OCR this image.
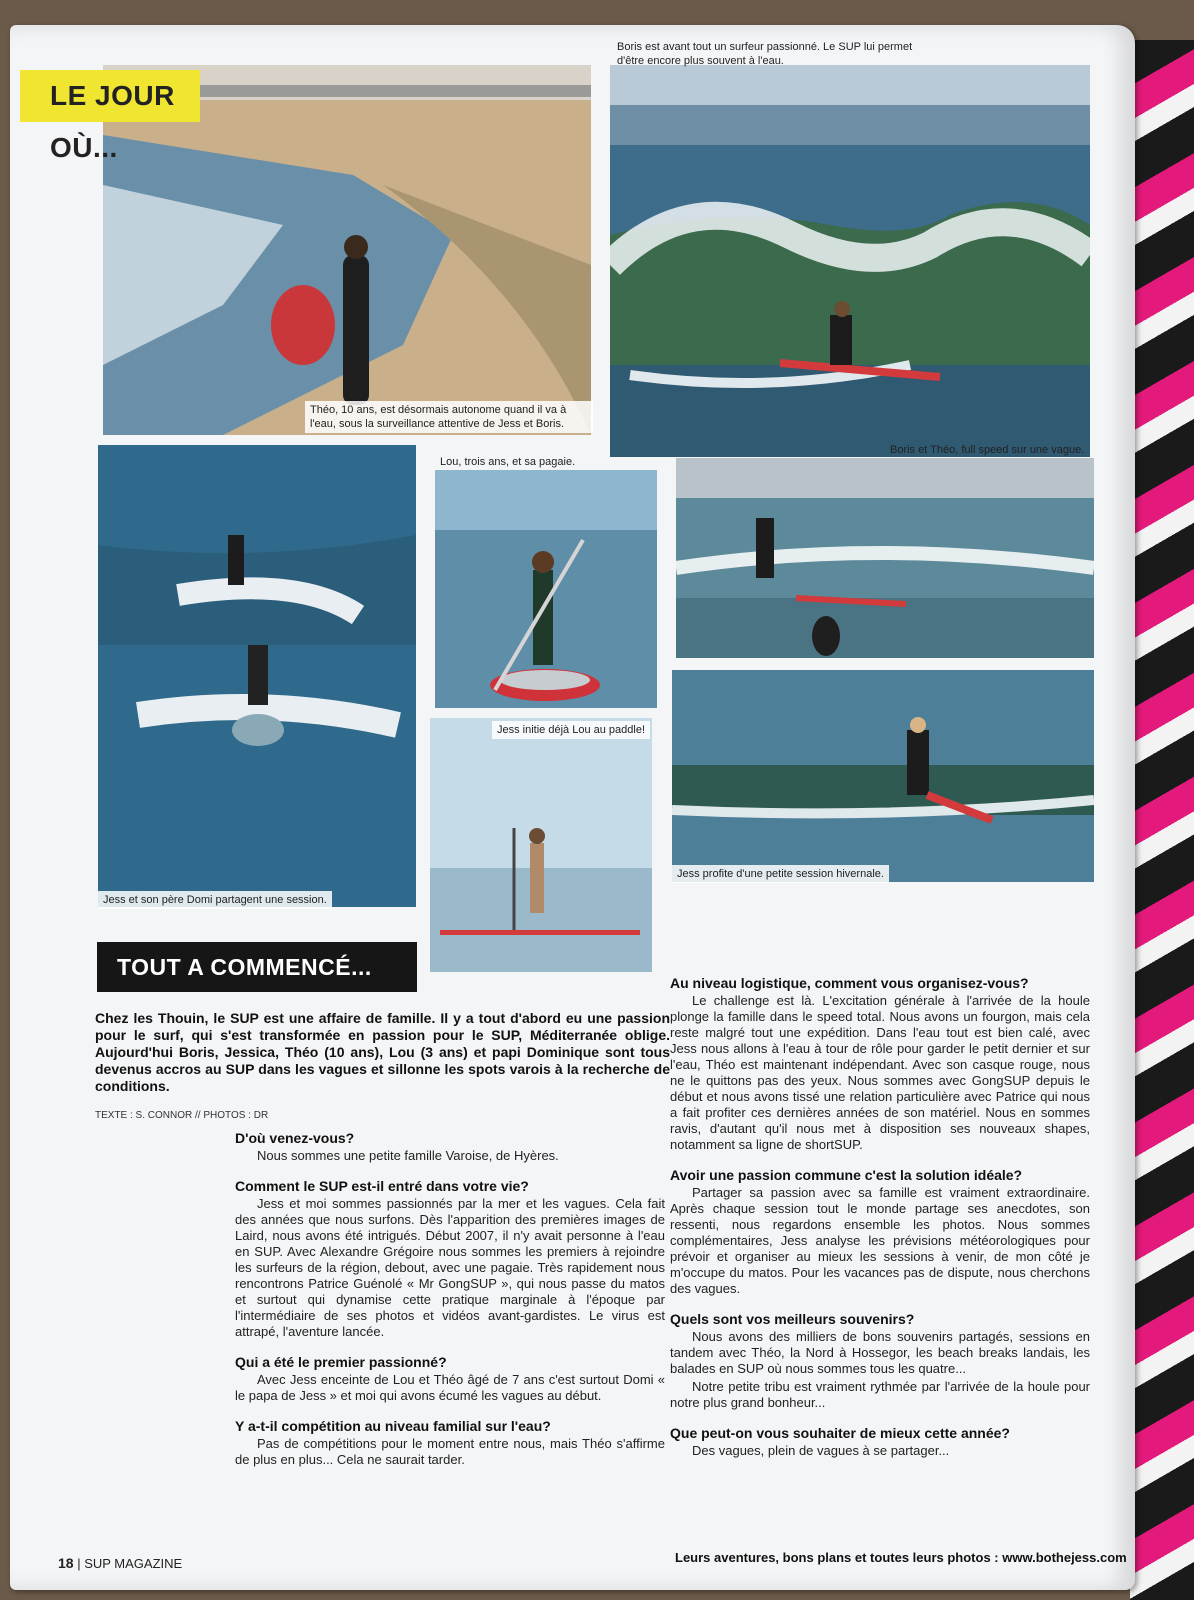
LE JOUR OÙ...
Théo, 10 ans, est désormais autonome quand il va à l'eau, sous la surveillance attentive de Jess et Boris.
Boris est avant tout un surfeur passionné. Le SUP lui permet d'être encore plus souvent à l'eau.
Jess et son père Domi partagent une session.
Lou, trois ans, et sa pagaie.
Jess initie déjà Lou au paddle!
Boris et Théo, full speed sur une vague.
Jess profite d'une petite session hivernale.
TOUT A COMMENCÉ...
Chez les Thouin, le SUP est une affaire de famille. Il y a tout d'abord eu une passion pour le surf, qui s'est transformée en passion pour le SUP, Méditerranée oblige. Aujourd'hui Boris, Jessica, Théo (10 ans), Lou (3 ans) et papi Dominique sont tous devenus accros au SUP dans les vagues et sillonne les spots varois à la recherche de conditions.
TEXTE : S. CONNOR // PHOTOS : DR
D'où venez-vous?

Nous sommes une petite famille Varoise, de Hyères.

Comment le SUP est-il entré dans votre vie?

Jess et moi sommes passionnés par la mer et les vagues. Cela fait des années que nous surfons. Dès l'apparition des premières images de Laird, nous avons été intrigués. Début 2007, il n'y avait personne à l'eau en SUP. Avec Alexandre Grégoire nous sommes les premiers à rejoindre les surfeurs de la région, debout, avec une pagaie. Très rapidement nous rencontrons Patrice Guénolé « Mr GongSUP », qui nous passe du matos et surtout qui dynamise cette pratique marginale à l'époque par l'intermédiaire de ses photos et vidéos avant-gardistes. Le virus est attrapé, l'aventure lancée.

Qui a été le premier passionné?

Avec Jess enceinte de Lou et Théo âgé de 7 ans c'est surtout Domi « le papa de Jess » et moi qui avons écumé les vagues au début.

Y a-t-il compétition au niveau familial sur l'eau?

Pas de compétitions pour le moment entre nous, mais Théo s'affirme de plus en plus... Cela ne saurait tarder.

Au niveau logistique, comment vous organisez-vous?

Le challenge est là. L'excitation générale à l'arrivée de la houle plonge la famille dans le speed total. Nous avons un fourgon, mais cela reste malgré tout une expédition. Dans l'eau tout est bien calé, avec Jess nous allons à l'eau à tour de rôle pour garder le petit dernier et sur l'eau, Théo est maintenant indépendant. Avec son casque rouge, nous ne le quittons pas des yeux. Nous sommes avec GongSUP depuis le début et nous avons tissé une relation particulière avec Patrice qui nous a fait profiter ces dernières années de son matériel. Nous en sommes ravis, d'autant qu'il nous met à disposition ses nouveaux shapes, notamment sa ligne de shortSUP.

Avoir une passion commune c'est la solution idéale?

Partager sa passion avec sa famille est vraiment extraordinaire. Après chaque session tout le monde partage ses anecdotes, son ressenti, nous regardons ensemble les photos. Nous sommes complémentaires, Jess analyse les prévisions météorologiques pour prévoir et organiser au mieux les sessions à venir, de mon côté je m'occupe du matos. Pour les vacances pas de dispute, nous cherchons des vagues.

Quels sont vos meilleurs souvenirs?

Nous avons des milliers de bons souvenirs partagés, sessions en tandem avec Théo, la Nord à Hossegor, les beach breaks landais, les balades en SUP où nous sommes tous les quatre...

Notre petite tribu est vraiment rythmée par l'arrivée de la houle pour notre plus grand bonheur...

Que peut-on vous souhaiter de mieux cette année?

Des vagues, plein de vagues à se partager...

18 | SUP MAGAZINE	Leurs aventures, bons plans et toutes leurs photos : www.bothejess.com
